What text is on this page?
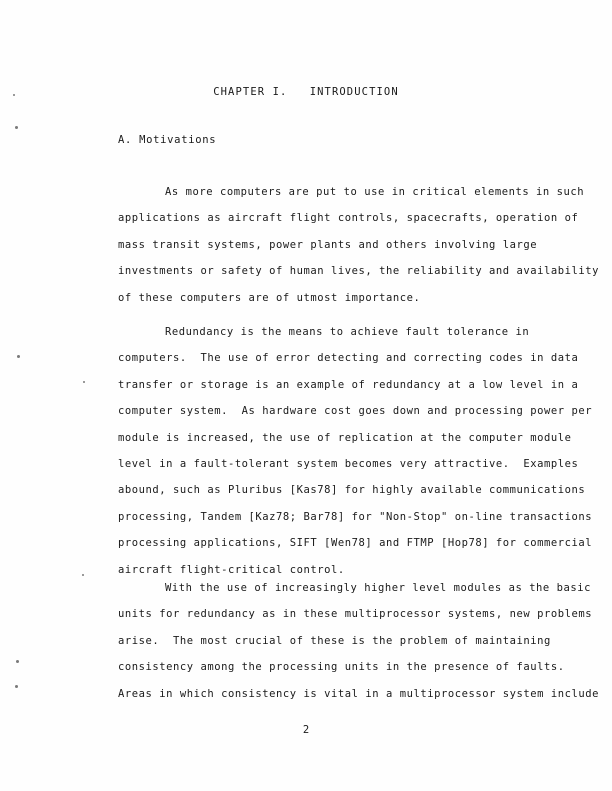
CHAPTER I.   INTRODUCTION
A. Motivations
As more computers are put to use in critical elements in such
applications as aircraft flight controls, spacecrafts, operation of
mass transit systems, power plants and others involving large
investments or safety of human lives, the reliability and availability
of these computers are of utmost importance.
Redundancy is the means to achieve fault tolerance in
computers.  The use of error detecting and correcting codes in data
transfer or storage is an example of redundancy at a low level in a
computer system.  As hardware cost goes down and processing power per
module is increased, the use of replication at the computer module
level in a fault-tolerant system becomes very attractive.  Examples
abound, such as Pluribus [Kas78] for highly available communications
processing, Tandem [Kaz78; Bar78] for "Non-Stop" on-line transactions
processing applications, SIFT [Wen78] and FTMP [Hop78] for commercial
aircraft flight-critical control.
With the use of increasingly higher level modules as the basic
units for redundancy as in these multiprocessor systems, new problems
arise.  The most crucial of these is the problem of maintaining
consistency among the processing units in the presence of faults.
Areas in which consistency is vital in a multiprocessor system include
2
